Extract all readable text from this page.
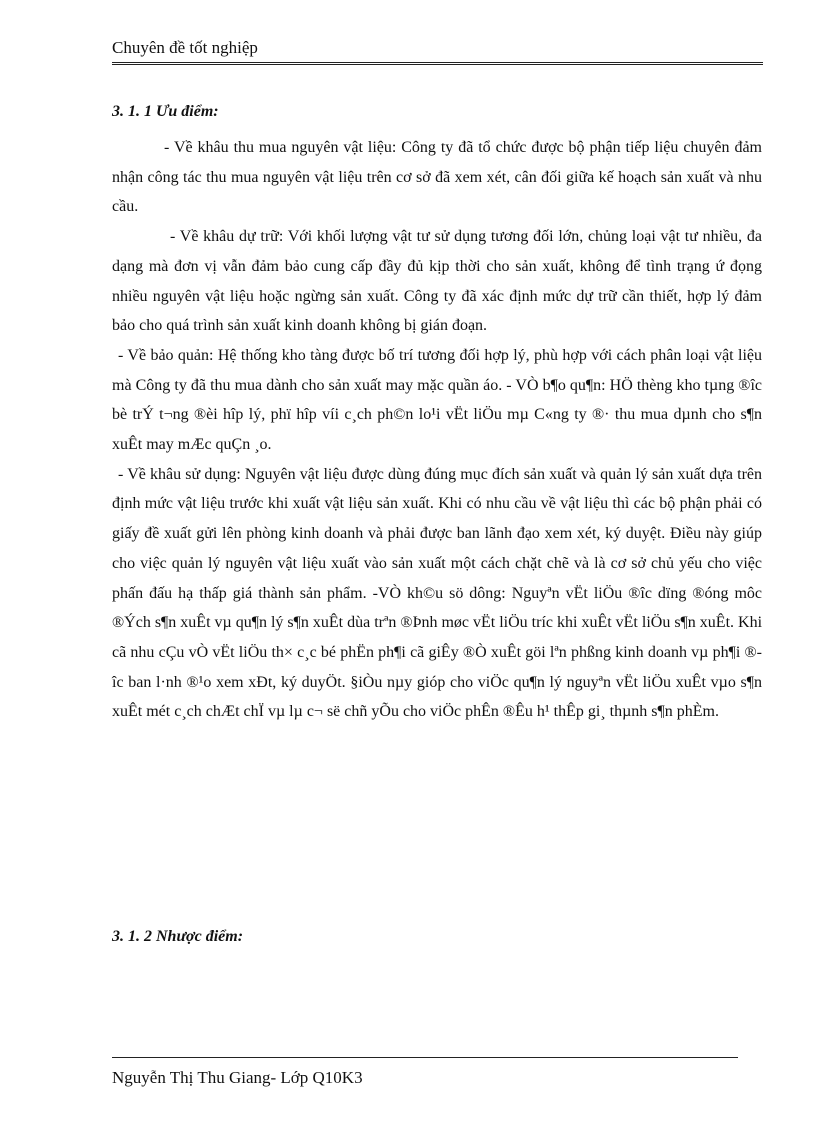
Chuyên đề tốt nghiệp
3. 1. 1 Ưu điểm:

- Về khâu thu mua nguyên vật liệu: Công ty đã tổ chức được bộ phận tiếp liệu chuyên đảm nhận công tác thu mua nguyên vật liệu trên cơ sở đã xem xét, cân đối giữa kế hoạch sản xuất và nhu cầu.

- Về khâu dự trữ: Với khối lượng vật tư sử dụng tương đối lớn, chủng loại vật tư nhiều, đa dạng mà đơn vị vẫn đảm bảo cung cấp đầy đủ kịp thời cho sản xuất, không để tình trạng ứ đọng nhiều nguyên vật liệu hoặc ngừng sản xuất. Công ty đã xác định mức dự trữ cần thiết, hợp lý đảm bảo cho quá trình sản xuất kinh doanh không bị gián đoạn.

- Về bảo quản: Hệ thống kho tàng được bố trí tương đối hợp lý, phù hợp với cách phân loại vật liệu mà Công ty đã thu mua dành cho sản xuất may mặc quần áo. - VÒ b¶o qu¶n: HÖ thèng kho tµng ®îc bè trÝ t¬ng ®èi hîp lý, phï hîp víi c¸ch ph©n lo¹i vËt liÖu mµ C«ng ty ®· thu mua dµnh cho s¶n xuÊt may mÆc quÇn ¸o.

- Về khâu sử dụng: Nguyên vật liệu được dùng đúng mục đích sản xuất và quản lý sản xuất dựa trên định mức vật liệu trước khi xuất vật liệu sản xuất. Khi có nhu cầu về vật liệu thì các bộ phận phải có giấy đề xuất gửi lên phòng kinh doanh và phải được ban lãnh đạo xem xét, ký duyệt. Điều này giúp cho việc quản lý nguyên vật liệu xuất vào sản xuất một cách chặt chẽ và là cơ sở chủ yếu cho việc phấn đấu hạ thấp giá thành sản phẩm. -VÒ kh©u sö dông: Nguyªn vËt liÖu ®îc dïng ®óng môc ®Ých s¶n xuÊt vµ qu¶n lý s¶n xuÊt dùa trªn ®Þnh møc vËt liÖu tríc khi xuÊt vËt liÖu s¶n xuÊt. Khi cã nhu cÇu vÒ vËt liÖu th× c¸c bé phËn ph¶i cã giÊy ®Ò xuÊt göi lªn phßng kinh doanh vµ ph¶i ®îc ban l·nh ®¹o xem xÐt, ký duyÖt. §iÒu nµy gióp cho viÖc qu¶n lý nguyªn vËt liÖu xuÊt vµo s¶n xuÊt mét c¸ch chÆt chÏ vµ lµ c¬ së chñ yÕu cho viÖc phÊn ®Êu h¹ thÊp gi¸ thµnh s¶n phÈm.

3. 1. 2 Nhược điểm:
Nguyễn Thị Thu Giang- Lớp Q10K3
